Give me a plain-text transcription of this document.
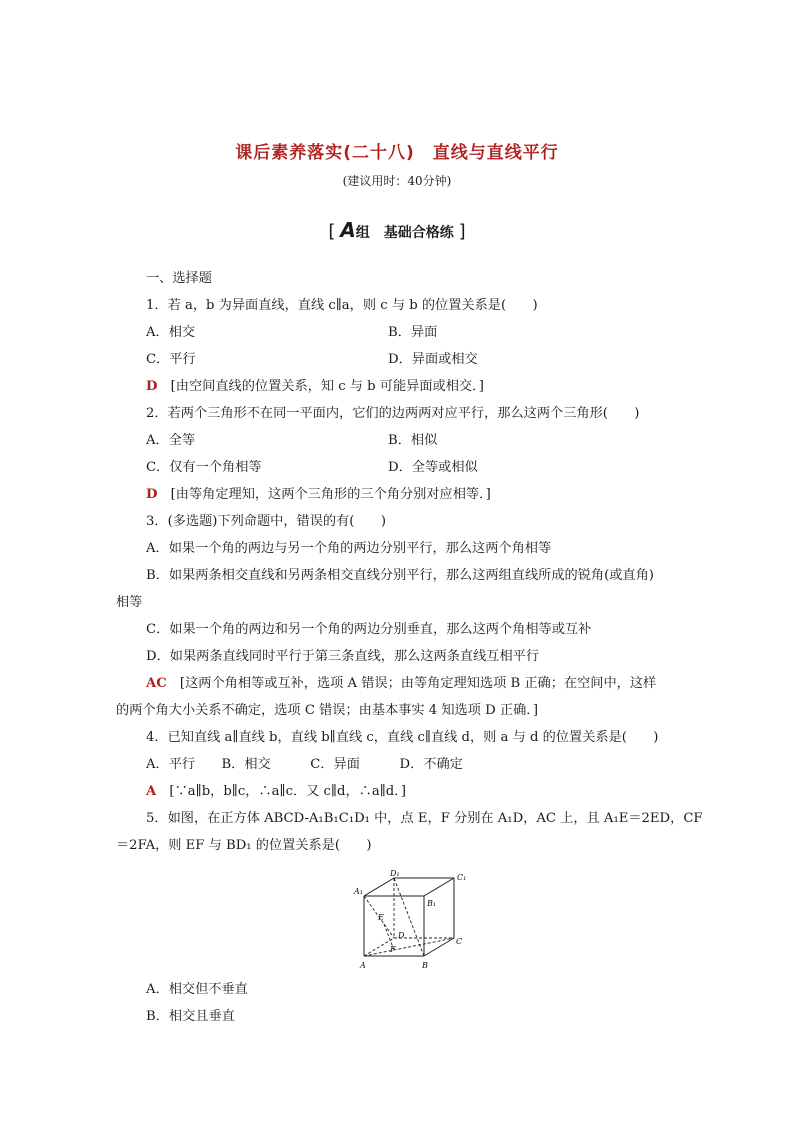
课后素养落实(二十八)　直线与直线平行
(建议用时：40分钟)
[ A组　基础合格练 ]
一、选择题
1．若 a，b 为异面直线，直线 c∥a，则 c 与 b 的位置关系是(　　)
A．相交	B．异面
C．平行	D．异面或相交
D　 [由空间直线的位置关系，知 c 与 b 可能异面或相交．]
2．若两个三角形不在同一平面内，它们的边两两对应平行，那么这两个三角形(　　)
A．全等	B．相似
C．仅有一个角相等	D．全等或相似
D　 [由等角定理知，这两个三角形的三个角分别对应相等．]
3．(多选题)下列命题中，错误的有(　　)
A．如果一个角的两边与另一个角的两边分别平行，那么这两个角相等
B．如果两条相交直线和另两条相交直线分别平行，那么这两组直线所成的锐角(或直角)
相等
C．如果一个角的两边和另一个角的两边分别垂直，那么这两个角相等或互补
D．如果两条直线同时平行于第三条直线，那么这两条直线互相平行
AC　 [这两个角相等或互补，选项 A 错误；由等角定理知选项 B 正确；在空间中，这样
的两个角大小关系不确定，选项 C 错误；由基本事实 4 知选项 D 正确．]
4．已知直线 a∥直线 b，直线 b∥直线 c，直线 c∥直线 d，则 a 与 d 的位置关系是(　　)
A．平行　　B．相交　　　C．异面　　　D．不确定
A　 [∵a∥b，b∥c，∴a∥c．又 c∥d，∴a∥d．]
5．如图，在正方体 ABCD-A₁B₁C₁D₁ 中，点 E，F 分别在 A₁D，AC 上，且 A₁E＝2ED，CF
＝2FA，则 EF 与 BD₁ 的位置关系是(　　)
A₁
D₁	C₁
B₁
E
D
F
C
A	B
A．相交但不垂直
B．相交且垂直
